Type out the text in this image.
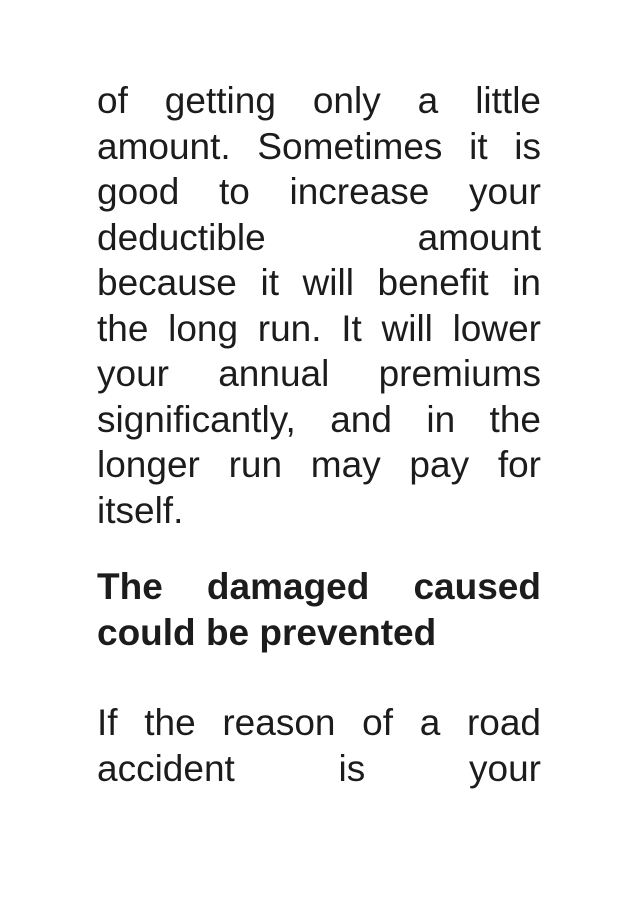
of getting only a little
amount. Sometimes it is
good to increase your
deductible amount
because it will benefit in
the long run. It will lower
your annual premiums
significantly, and in the
longer run may pay for
itself.
The damaged caused
could be prevented
If the reason of a road
accident is your
